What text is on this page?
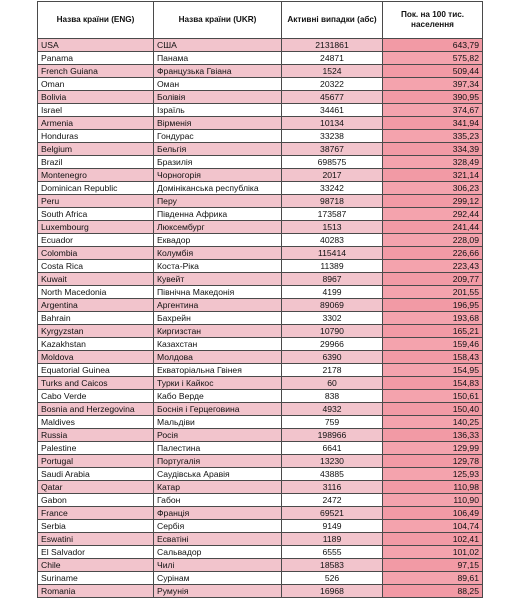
Назва країни (ENG)	Назва країни (UKR)	Активні випадки (абс)	Пок. на 100 тис. населення
USA	США	2131861	643,79
Panama	Панама	24871	575,82
French Guiana	Французька Гвіана	1524	509,44
Oman	Оман	20322	397,34
Bolivia	Болівія	45677	390,95
Israel	Ізраїль	34461	374,67
Armenia	Вірменія	10134	341,94
Honduras	Гондурас	33238	335,23
Belgium	Бельгія	38767	334,39
Brazil	Бразилія	698575	328,49
Montenegro	Чорногорія	2017	321,14
Dominican Republic	Домініканська республіка	33242	306,23
Peru	Перу	98718	299,12
South Africa	Південна Африка	173587	292,44
Luxembourg	Люксембург	1513	241,44
Ecuador	Еквадор	40283	228,09
Colombia	Колумбія	115414	226,66
Costa Rica	Коста-Ріка	11389	223,43
Kuwait	Кувейт	8967	209,77
North Macedonia	Північна Македонія	4199	201,55
Argentina	Аргентина	89069	196,95
Bahrain	Бахрейн	3302	193,68
Kyrgyzstan	Киргизстан	10790	165,21
Kazakhstan	Казахстан	29966	159,46
Moldova	Молдова	6390	158,43
Equatorial Guinea	Екваторіальна Гвінея	2178	154,95
Turks and Caicos	Турки і Кайкос	60	154,83
Cabo Verde	Кабо Верде	838	150,61
Bosnia and Herzegovina	Боснія і Герцеговина	4932	150,40
Maldives	Мальдіви	759	140,25
Russia	Росія	198966	136,33
Palestine	Палестина	6641	129,99
Portugal	Португалія	13230	129,78
Saudi Arabia	Саудівська Аравія	43885	125,93
Qatar	Катар	3116	110,98
Gabon	Габон	2472	110,90
France	Франція	69521	106,49
Serbia	Сербія	9149	104,74
Eswatini	Есватіні	1189	102,41
El Salvador	Сальвадор	6555	101,02
Chile	Чилі	18583	97,15
Suriname	Сурінам	526	89,61
Romania	Румунія	16968	88,25
